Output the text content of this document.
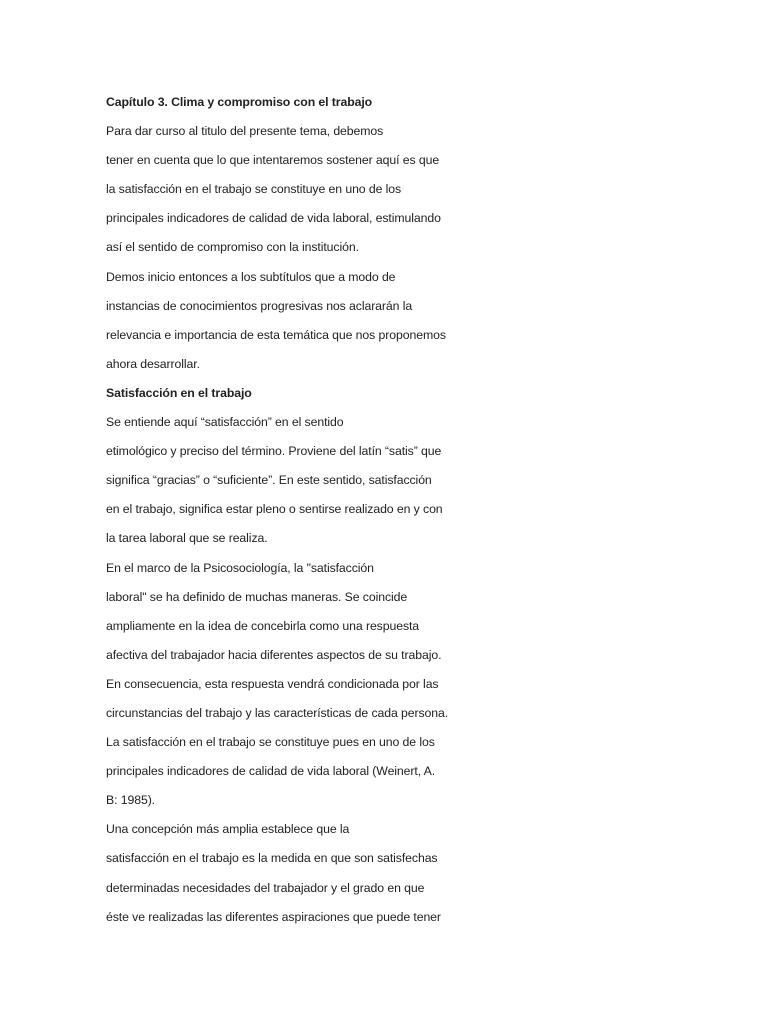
Capítulo 3. Clima y compromiso con el trabajo
Para dar curso al titulo del presente tema, debemos
tener en cuenta que lo que intentaremos sostener aquí es que
la satisfacción en el trabajo se constituye en uno de los
principales indicadores de calidad de vida laboral, estimulando
así el sentido de compromiso con la institución.
Demos inicio entonces a los subtítulos que a modo de
instancias de conocimientos progresivas nos aclararán la
relevancia e importancia de esta temática que nos proponemos
ahora desarrollar.
Satisfacción en el trabajo
Se entiende aquí “satisfacción” en el sentido
etimológico y preciso del término. Proviene del latín “satis” que
significa “gracias” o “suficiente”. En este sentido, satisfacción
en el trabajo, significa estar pleno o sentirse realizado en y con
la tarea laboral que se realiza.
En el marco de la Psicosociología, la "satisfacción
laboral" se ha definido de muchas maneras. Se coincide
ampliamente en la idea de concebirla como una respuesta
afectiva del trabajador hacia diferentes aspectos de su trabajo.
En consecuencia, esta respuesta vendrá condicionada por las
circunstancias del trabajo y las características de cada persona.
La satisfacción en el trabajo se constituye pues en uno de los
principales indicadores de calidad de vida laboral (Weinert, A.
B: 1985).
Una concepción más amplia establece que la
satisfacción en el trabajo es la medida en que son satisfechas
determinadas necesidades del trabajador y el grado en que
éste ve realizadas las diferentes aspiraciones que puede tener
